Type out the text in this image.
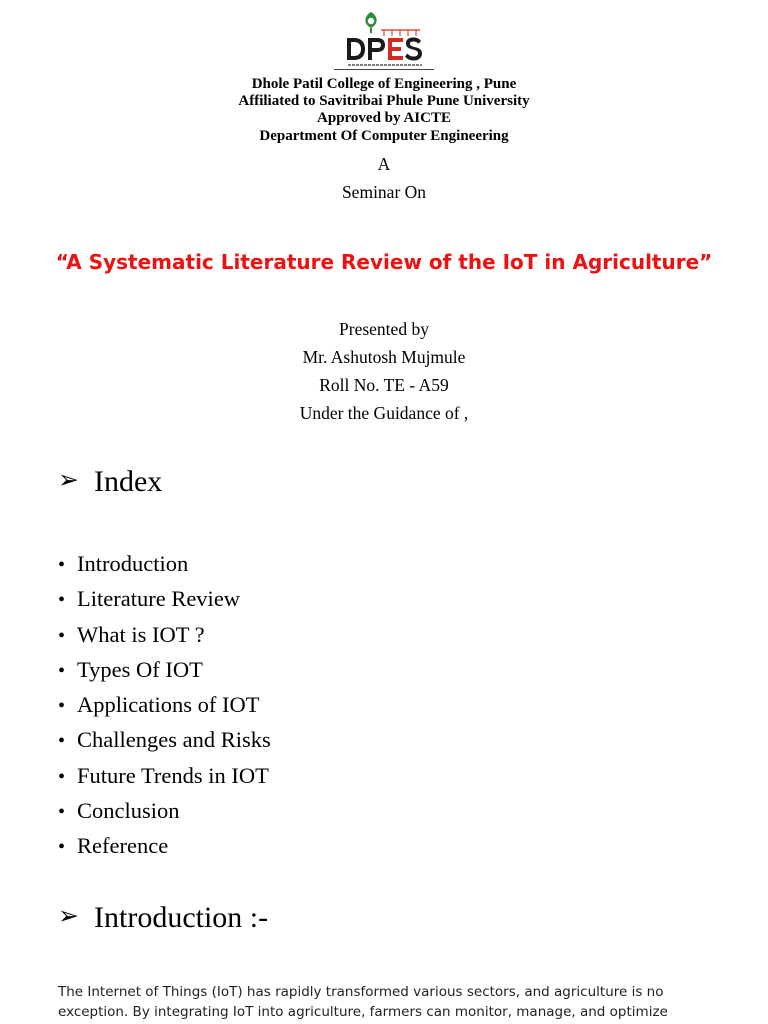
Dhole Patil College of Engineering , Pune
Affiliated to Savitribai Phule Pune University
Approved by AICTE
Department Of Computer Engineering
A
Seminar On
“A Systematic Literature Review of the IoT in Agriculture”
Presented by
Mr. Ashutosh Mujmule
Roll No. TE - A59
Under the Guidance of ,
➢ Index
• Introduction
• Literature Review
• What is IOT ?
• Types Of IOT
• Applications of IOT
• Challenges and Risks
• Future Trends in IOT
• Conclusion
• Reference
➢ Introduction :-
The Internet of Things (IoT) has rapidly transformed various sectors, and agriculture is no exception. By integrating IoT into agriculture, farmers can monitor, manage, and optimize
